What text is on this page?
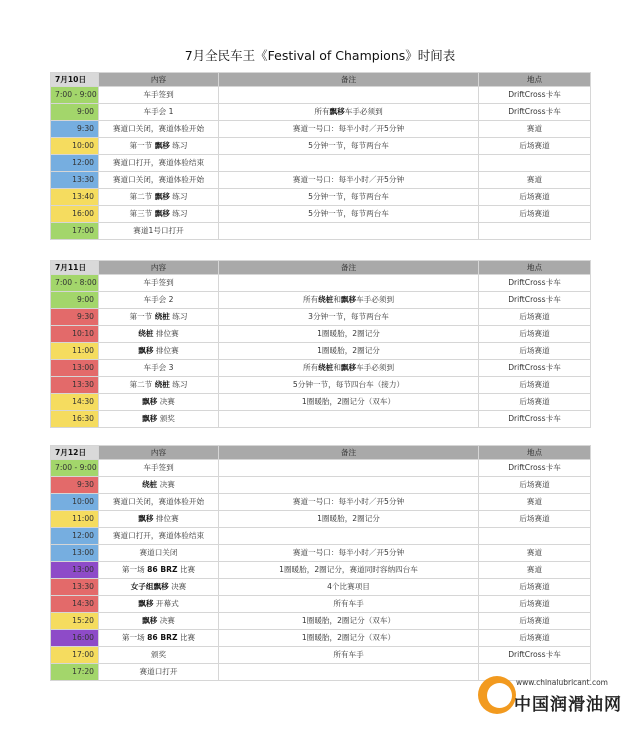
7月全民车王《Festival of Champions》时间表
7月10日	内容	备注	地点
7:00 - 9:00	车手签到		DriftCross卡车
9:00	车手会 1	所有飘移车手必须到	DriftCross卡车
9:30	赛道口关闭，赛道体验开始	赛道一号口：每半小时／开5分钟	赛道
10:00	第一节 飘移 练习	5分钟一节，每节两台车	后场赛道
12:00	赛道口打开，赛道体验结束		
13:30	赛道口关闭，赛道体验开始	赛道一号口：每半小时／开5分钟	赛道
13:40	第二节 飘移 练习	5分钟一节，每节两台车	后场赛道
16:00	第三节 飘移 练习	5分钟一节，每节两台车	后场赛道
17:00	赛道1号口打开		
7月11日	内容	备注	地点
7:00 - 8:00	车手签到		DriftCross卡车
9:00	车手会 2	所有绕桩和飘移车手必须到	DriftCross卡车
9:30	第一节 绕桩 练习	3分钟一节，每节两台车	后场赛道
10:10	绕桩 排位赛	1圈暖胎，2圈记分	后场赛道
11:00	飘移 排位赛	1圈暖胎，2圈记分	后场赛道
13:00	车手会 3	所有绕桩和飘移车手必须到	DriftCross卡车
13:30	第二节 绕桩 练习	5分钟一节，每节四台车（接力）	后场赛道
14:30	飘移 决赛	1圈暖胎，2圈记分（双车）	后场赛道
16:30	飘移 颁奖		DriftCross卡车
7月12日	内容	备注	地点
7:00 - 9:00	车手签到		DriftCross卡车
9:30	绕桩 决赛		后场赛道
10:00	赛道口关闭，赛道体验开始	赛道一号口：每半小时／开5分钟	赛道
11:00	飘移 排位赛	1圈暖胎，2圈记分	后场赛道
12:00	赛道口打开，赛道体验结束		
13:00	赛道口关闭	赛道一号口：每半小时／开5分钟	赛道
13:00	第一场 86 BRZ 比赛	1圈暖胎，2圈记分，赛道同时容纳四台车	赛道
13:30	女子组飘移 决赛	4个比赛项目	后场赛道
14:30	飘移 开幕式	所有车手	后场赛道
15:20	飘移 决赛	1圈暖胎，2圈记分（双车）	后场赛道
16:00	第一场 86 BRZ 比赛	1圈暖胎，2圈记分（双车）	后场赛道
17:00	颁奖	所有车手	DriftCross卡车
17:20	赛道口打开		
www.chinalubricant.com
中国润滑油网
